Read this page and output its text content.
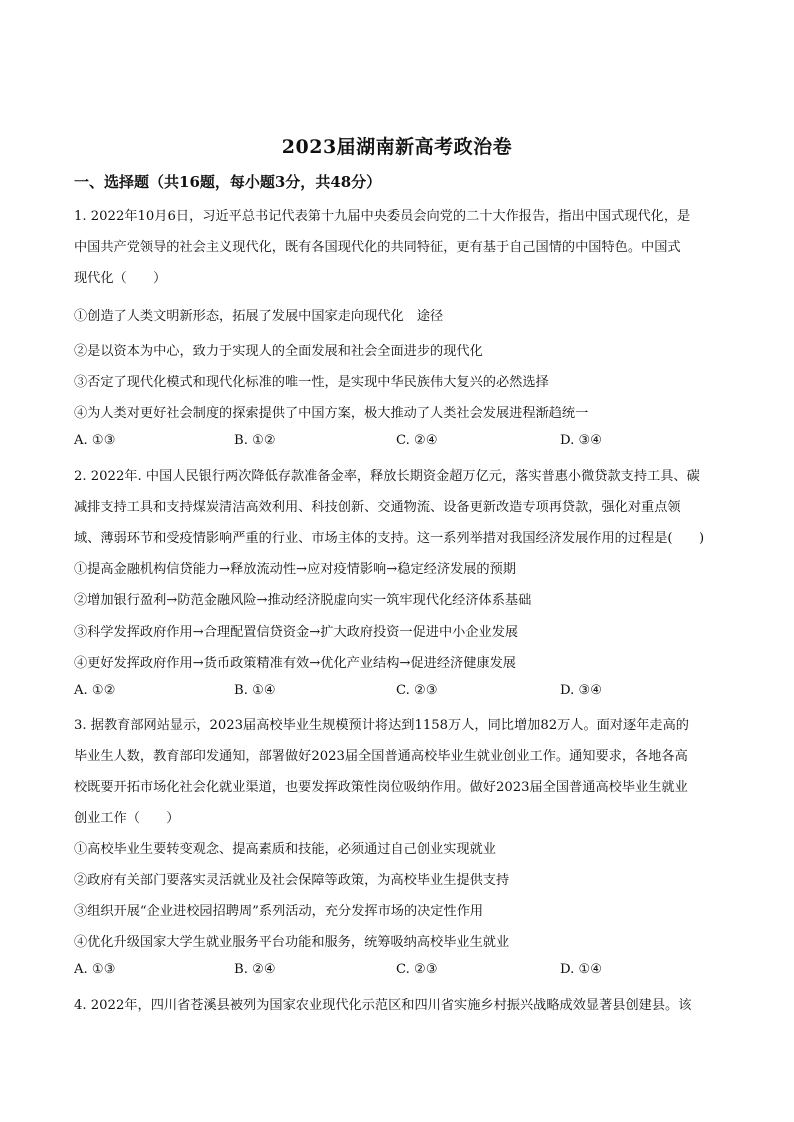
2023届湖南新高考政治卷
一、选择题（共16题，每小题3分，共48分）
1. 2022年10月6日，习近平总书记代表第十九届中央委员会向党的二十大作报告，指出中国式现代化，是
中国共产党领导的社会主义现代化，既有各国现代化的共同特征，更有基于自己国情的中国特色。中国式
现代化（　　）
①创造了人类文明新形态，拓展了发展中国家走向现代化　途径
②是以资本为中心，致力于实现人的全面发展和社会全面进步的现代化
③否定了现代化模式和现代化标准的唯一性，是实现中华民族伟大复兴的必然选择
④为人类对更好社会制度的探索提供了中国方案，极大推动了人类社会发展进程渐趋统一
A. ①③	B. ①②	C. ②④	D. ③④
2. 2022年. 中国人民银行两次降低存款准备金率，释放长期资金超万亿元，落实普惠小微贷款支持工具、碳
减排支持工具和支持煤炭清洁高效利用、科技创新、交通物流、设备更新改造专项再贷款，强化对重点领
域、薄弱环节和受疫情影响严重的行业、市场主体的支持。这一系列举措对我国经济发展作用的过程是(　　)
①提高金融机构信贷能力→释放流动性→应对疫情影响→稳定经济发展的预期
②增加银行盈利→防范金融风险→推动经济脱虚向实一筑牢现代化经济体系基础
③科学发挥政府作用→合理配置信贷资金→扩大政府投资一促进中小企业发展
④更好发挥政府作用→货币政策精准有效→优化产业结构→促进经济健康发展
A. ①②	B. ①④	C. ②③	D. ③④
3. 据教育部网站显示，2023届高校毕业生规模预计将达到1158万人，同比增加82万人。面对逐年走高的
毕业生人数，教育部印发通知，部署做好2023届全国普通高校毕业生就业创业工作。通知要求，各地各高
校既要开拓市场化社会化就业渠道，也要发挥政策性岗位吸纳作用。做好2023届全国普通高校毕业生就业
创业工作（　　）
①高校毕业生要转变观念、提高素质和技能，必须通过自己创业实现就业
②政府有关部门要落实灵活就业及社会保障等政策，为高校毕业生提供支持
③组织开展“企业进校园招聘周”系列活动，充分发挥市场的决定性作用
④优化升级国家大学生就业服务平台功能和服务，统筹吸纳高校毕业生就业
A. ①③	B. ②④	C. ②③	D. ①④
4. 2022年，四川省苍溪县被列为国家农业现代化示范区和四川省实施乡村振兴战略成效显著县创建县。该
